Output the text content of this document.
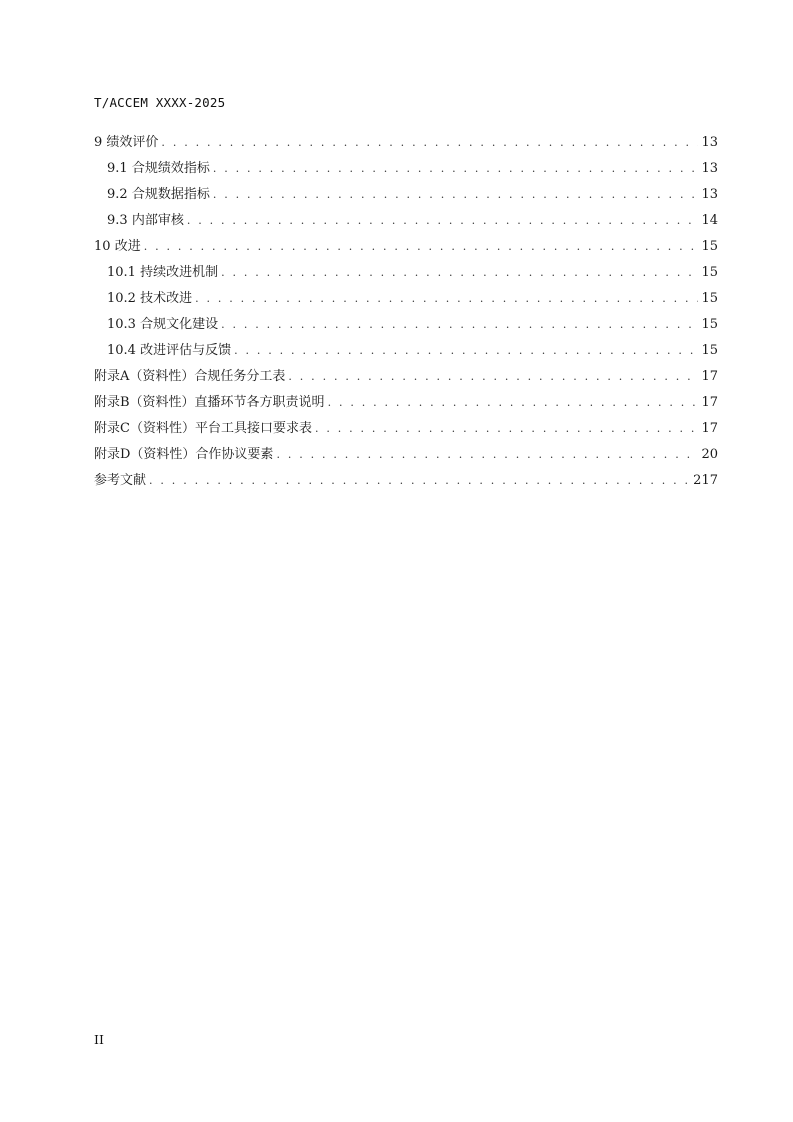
T/ACCEM XXXX-2025
9 绩效评价 . . .	13
9.1 合规绩效指标 . . .	13
9.2 合规数据指标 . . .	13
9.3 内部审核 . . .	14
10 改进 . . .	15
10.1 持续改进机制 . . .	15
10.2 技术改进 . . .	15
10.3 合规文化建设 . . .	15
10.4 改进评估与反馈 . . .	15
附录A（资料性）合规任务分工表 . . .	17
附录B（资料性）直播环节各方职责说明 . . .	17
附录C（资料性）平台工具接口要求表 . . .	17
附录D（资料性）合作协议要素 . . .	20
参考文献 . . .	217
II
